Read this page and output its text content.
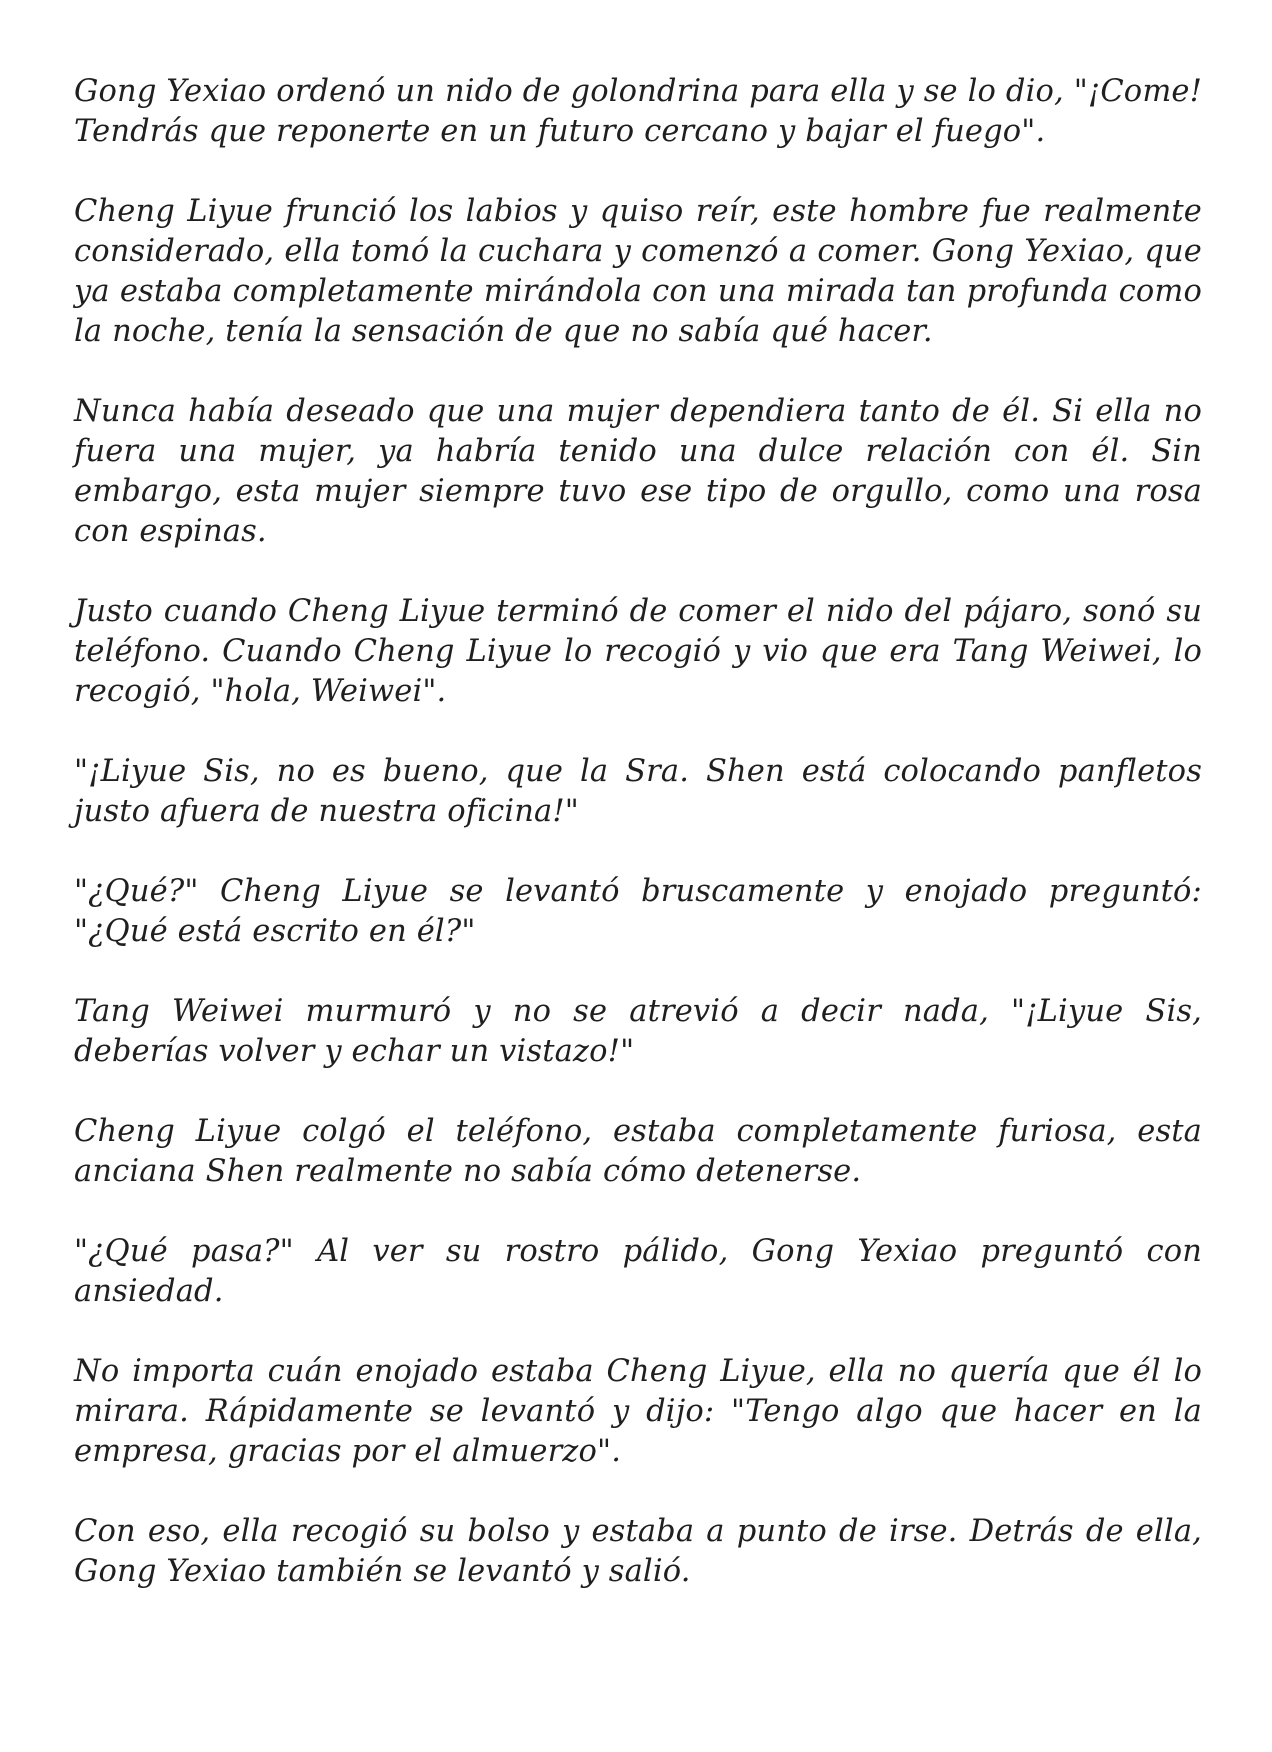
Gong Yexiao ordenó un nido de golondrina para ella y se lo dio, "¡Come! Tendrás que reponerte en un futuro cercano y bajar el fuego".

Cheng Liyue frunció los labios y quiso reír, este hombre fue realmente considerado, ella tomó la cuchara y comenzó a comer. Gong Yexiao, que ya estaba completamente mirándola con una mirada tan profunda como la noche, tenía la sensación de que no sabía qué hacer.

Nunca había deseado que una mujer dependiera tanto de él. Si ella no fuera una mujer, ya habría tenido una dulce relación con él. Sin embargo, esta mujer siempre tuvo ese tipo de orgullo, como una rosa con espinas.

Justo cuando Cheng Liyue terminó de comer el nido del pájaro, sonó su teléfono. Cuando Cheng Liyue lo recogió y vio que era Tang Weiwei, lo recogió, "hola, Weiwei".

"¡Liyue Sis, no es bueno, que la Sra. Shen está colocando panfletos justo afuera de nuestra oficina!"

"¿Qué?" Cheng Liyue se levantó bruscamente y enojado preguntó: "¿Qué está escrito en él?"

Tang Weiwei murmuró y no se atrevió a decir nada, "¡Liyue Sis, deberías volver y echar un vistazo!"

Cheng Liyue colgó el teléfono, estaba completamente furiosa, esta anciana Shen realmente no sabía cómo detenerse.

"¿Qué pasa?" Al ver su rostro pálido, Gong Yexiao preguntó con ansiedad.

No importa cuán enojado estaba Cheng Liyue, ella no quería que él lo mirara. Rápidamente se levantó y dijo: "Tengo algo que hacer en la empresa, gracias por el almuerzo".

Con eso, ella recogió su bolso y estaba a punto de irse. Detrás de ella, Gong Yexiao también se levantó y salió.
